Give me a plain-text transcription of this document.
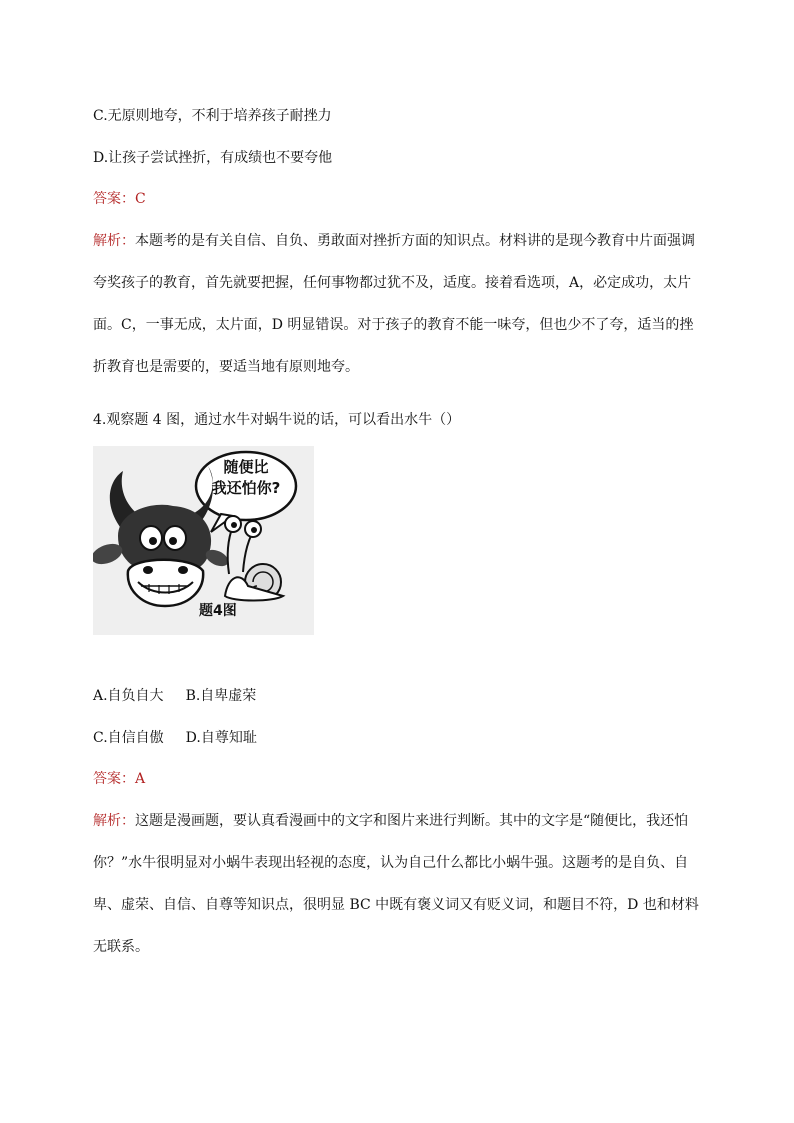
C.无原则地夸，不利于培养孩子耐挫力
D.让孩子尝试挫折，有成绩也不要夸他
答案：C
解析：本题考的是有关自信、自负、勇敢面对挫折方面的知识点。材料讲的是现今教育中片面强调
夸奖孩子的教育，首先就要把握，任何事物都过犹不及，适度。接着看选项，A，必定成功，太片
面。C，一事无成，太片面，D 明显错误。对于孩子的教育不能一味夸，但也少不了夸，适当的挫
折教育也是需要的，要适当地有原则地夸。
4.观察题 4 图，通过水牛对蜗牛说的话，可以看出水牛（）
随便比
我还怕你?
题4图
A.自负自大 B.自卑虚荣
C.自信自傲 D.自尊知耻
答案：A
解析：这题是漫画题，要认真看漫画中的文字和图片来进行判断。其中的文字是“随便比，我还怕
你？”水牛很明显对小蜗牛表现出轻视的态度，认为自己什么都比小蜗牛强。这题考的是自负、自
卑、虚荣、自信、自尊等知识点，很明显 BC 中既有褒义词又有贬义词，和题目不符，D 也和材料
无联系。
